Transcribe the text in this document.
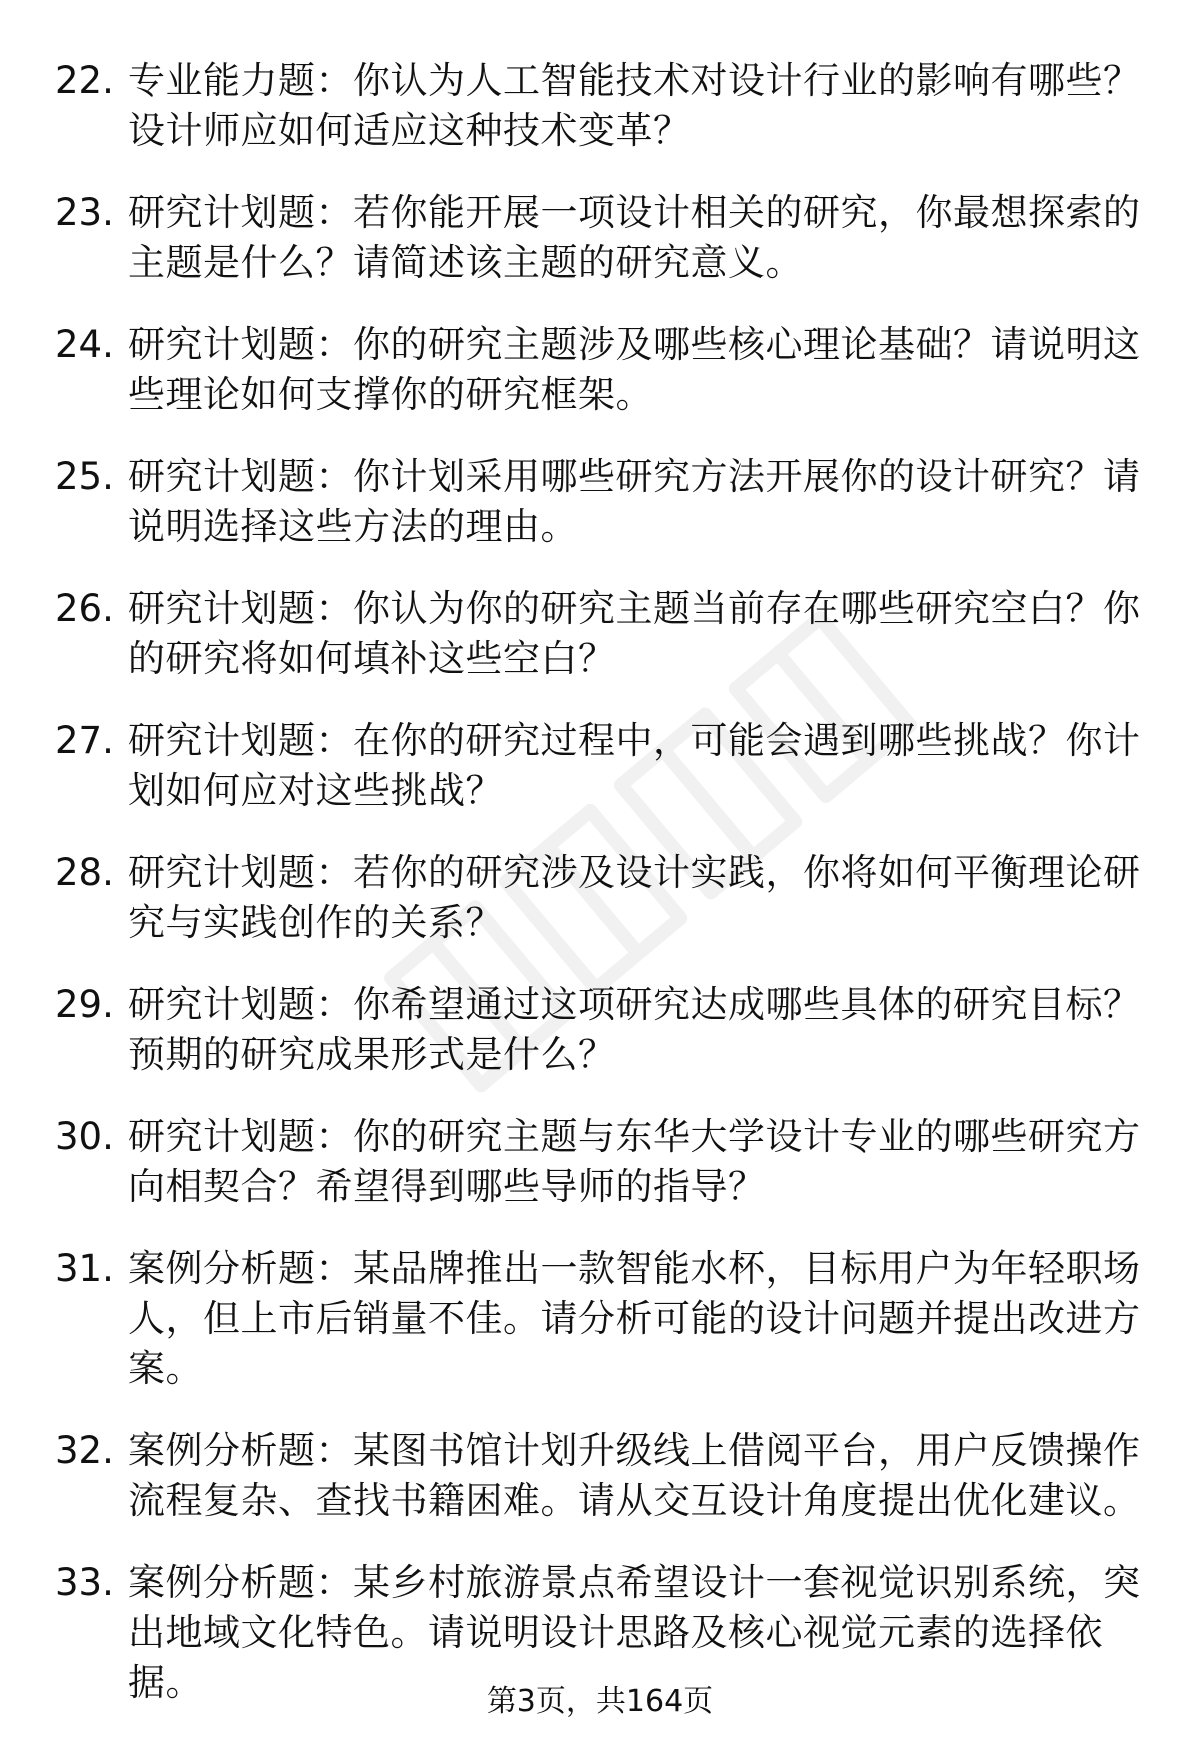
22. 专业能力题：你认为人工智能技术对设计行业的影响有哪些？设计师应如何适应这种技术变革？
23. 研究计划题：若你能开展一项设计相关的研究，你最想探索的主题是什么？请简述该主题的研究意义。
24. 研究计划题：你的研究主题涉及哪些核心理论基础？请说明这些理论如何支撑你的研究框架。
25. 研究计划题：你计划采用哪些研究方法开展你的设计研究？请说明选择这些方法的理由。
26. 研究计划题：你认为你的研究主题当前存在哪些研究空白？你的研究将如何填补这些空白？
27. 研究计划题：在你的研究过程中，可能会遇到哪些挑战？你计划如何应对这些挑战？
28. 研究计划题：若你的研究涉及设计实践，你将如何平衡理论研究与实践创作的关系？
29. 研究计划题：你希望通过这项研究达成哪些具体的研究目标？预期的研究成果形式是什么？
30. 研究计划题：你的研究主题与东华大学设计专业的哪些研究方向相契合？希望得到哪些导师的指导？
31. 案例分析题：某品牌推出一款智能水杯，目标用户为年轻职场人，但上市后销量不佳。请分析可能的设计问题并提出改进方案。
32. 案例分析题：某图书馆计划升级线上借阅平台，用户反馈操作流程复杂、查找书籍困难。请从交互设计角度提出优化建议。
33. 案例分析题：某乡村旅游景点希望设计一套视觉识别系统，突出地域文化特色。请说明设计思路及核心视觉元素的选择依据。	第3页，共164页
